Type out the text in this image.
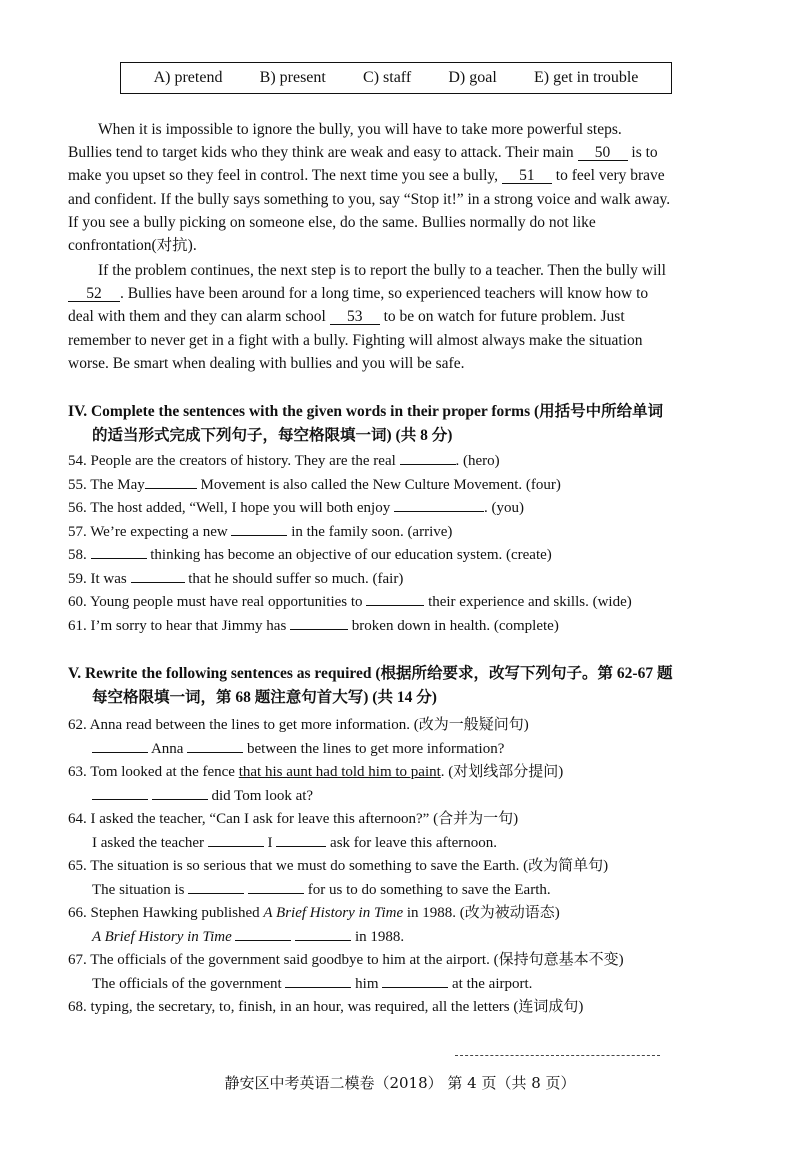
A) pretend B) present C) staff D) goal E) get in trouble
When it is impossible to ignore the bully, you will have to take more powerful steps.
Bullies tend to target kids who they think are weak and easy to attack. Their main 50 is to
make you upset so they feel in control. The next time you see a bully, 51 to feel very brave
and confident. If the bully says something to you, say “Stop it!” in a strong voice and walk away.
If you see a bully picking on someone else, do the same. Bullies normally do not like
confrontation(对抗).
If the problem continues, the next step is to report the bully to a teacher. Then the bully will
52 . Bullies have been around for a long time, so experienced teachers will know how to
deal with them and they can alarm school 53 to be on watch for future problem. Just
remember to never get in a fight with a bully. Fighting will almost always make the situation
worse. Be smart when dealing with bullies and you will be safe.
IV. Complete the sentences with the given words in their proper forms (用括号中所给单词
的适当形式完成下列句子，每空格限填一词) (共 8 分)
54. People are the creators of history. They are the real	. (hero)
55. The May	Movement is also called the New Culture Movement. (four)
56. The host added, “Well, I hope you will both enjoy	. (you)
57. We’re expecting a new	in the family soon. (arrive)
58.	thinking has become an objective of our education system. (create)
59. It was	that he should suffer so much. (fair)
60. Young people must have real opportunities to	their experience and skills. (wide)
61. I’m sorry to hear that Jimmy has	broken down in health. (complete)
V. Rewrite the following sentences as required (根据所给要求，改写下列句子。第 62-67 题
每空格限填一词，第 68 题注意句首大写) (共 14 分)
62. Anna read between the lines to get more information. (改为一般疑问句)
Anna	between the lines to get more information?
63. Tom looked at the fence that his aunt had told him to paint. (对划线部分提问)
did Tom look at?
64. I asked the teacher, “Can I ask for leave this afternoon?” (合并为一句)
I asked the teacher	I	ask for leave this afternoon.
65. The situation is so serious that we must do something to save the Earth. (改为简单句)
The situation is	for us to do something to save the Earth.
66. Stephen Hawking published A Brief History in Time in 1988. (改为被动语态)
A Brief History in Time	in 1988.
67. The officials of the government said goodbye to him at the airport. (保持句意基本不变)
The officials of the government	him	at the airport.
68. typing, the secretary, to, finish, in an hour, was required, all the letters (连词成句)
静安区中考英语二模卷（2018） 第 4 页（共 8 页）
